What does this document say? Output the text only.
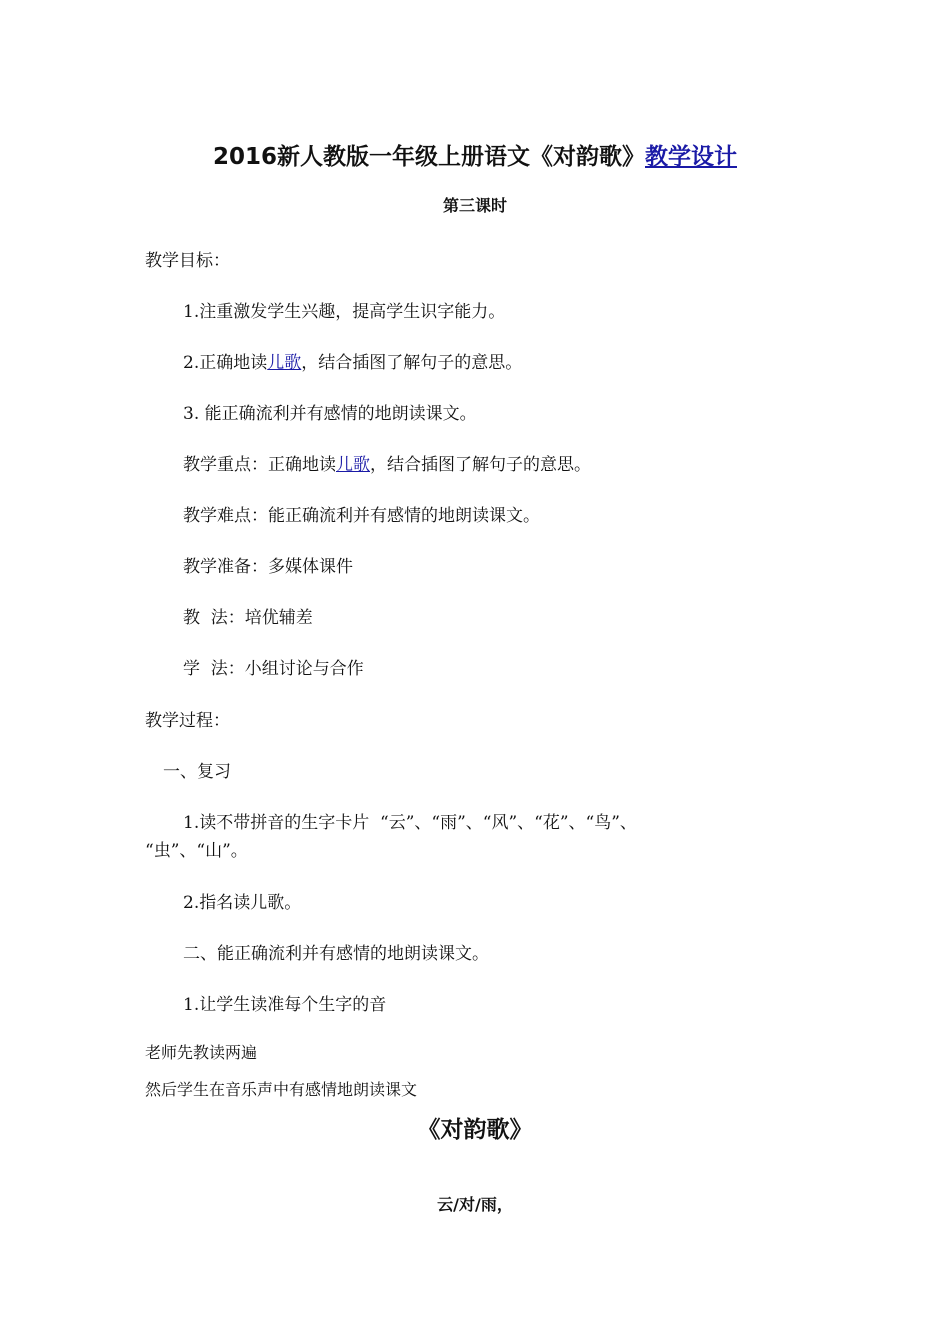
2016新人教版一年级上册语文《对韵歌》教学设计
第三课时
教学目标：
1.注重激发学生兴趣，提高学生识字能力。
2.正确地读儿歌，结合插图了解句子的意思。
3. 能正确流利并有感情的地朗读课文。
教学重点：正确地读儿歌，结合插图了解句子的意思。
教学难点：能正确流利并有感情的地朗读课文。
教学准备：多媒体课件
教  法：培优辅差
学  法：小组讨论与合作
教学过程：
一、复习
1.读不带拼音的生字卡片  “云”、“雨”、“风”、“花”、“鸟”、
“虫”、“山”。
2.指名读儿歌。
二、能正确流利并有感情的地朗读课文。
1.让学生读准每个生字的音
老师先教读两遍
然后学生在音乐声中有感情地朗读课文
《对韵歌》
云/对/雨，
